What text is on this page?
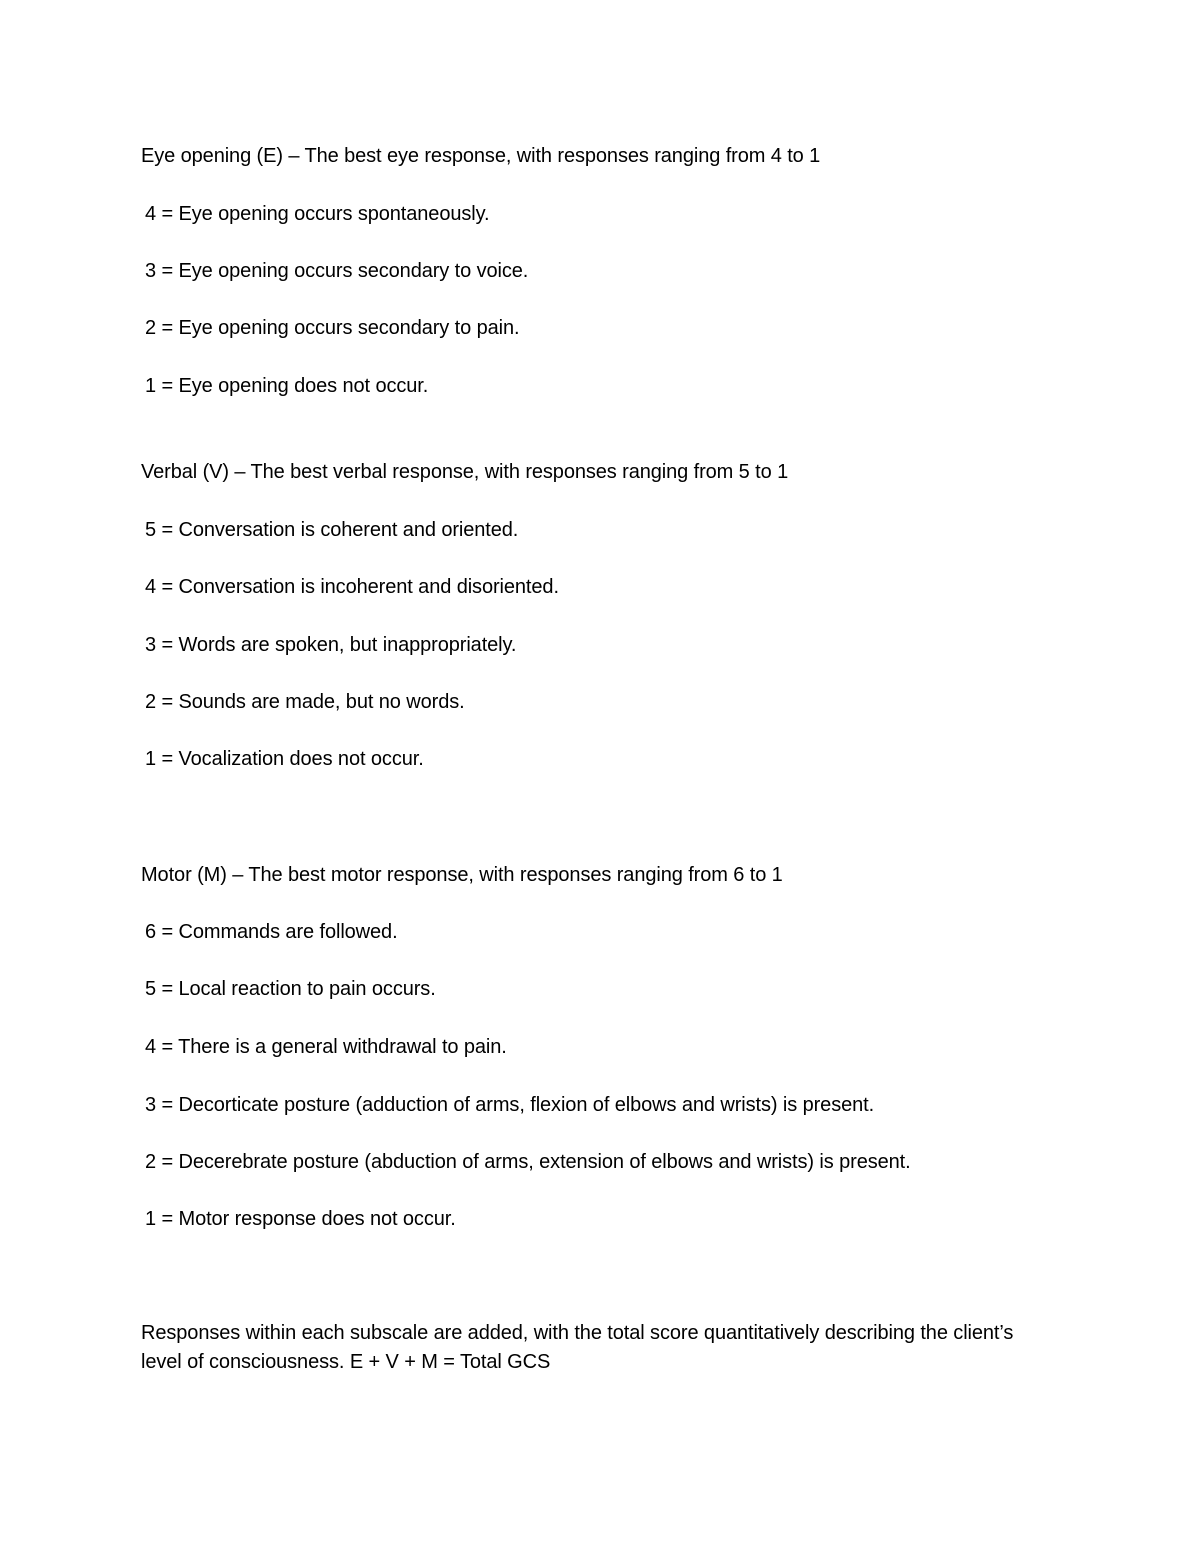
Eye opening (E) – The best eye response, with responses ranging from 4 to 1
4 = Eye opening occurs spontaneously.
3 = Eye opening occurs secondary to voice.
2 = Eye opening occurs secondary to pain.
1 = Eye opening does not occur.
Verbal (V) – The best verbal response, with responses ranging from 5 to 1
5 = Conversation is coherent and oriented.
4 = Conversation is incoherent and disoriented.
3 = Words are spoken, but inappropriately.
2 = Sounds are made, but no words.
1 = Vocalization does not occur.
Motor (M) – The best motor response, with responses ranging from 6 to 1
6 = Commands are followed.
5 = Local reaction to pain occurs.
4 = There is a general withdrawal to pain.
3 = Decorticate posture (adduction of arms, flexion of elbows and wrists) is present.
2 = Decerebrate posture (abduction of arms, extension of elbows and wrists) is present.
1 = Motor response does not occur.
Responses within each subscale are added, with the total score quantitatively describing the client’s level of consciousness. E + V + M = Total GCS
